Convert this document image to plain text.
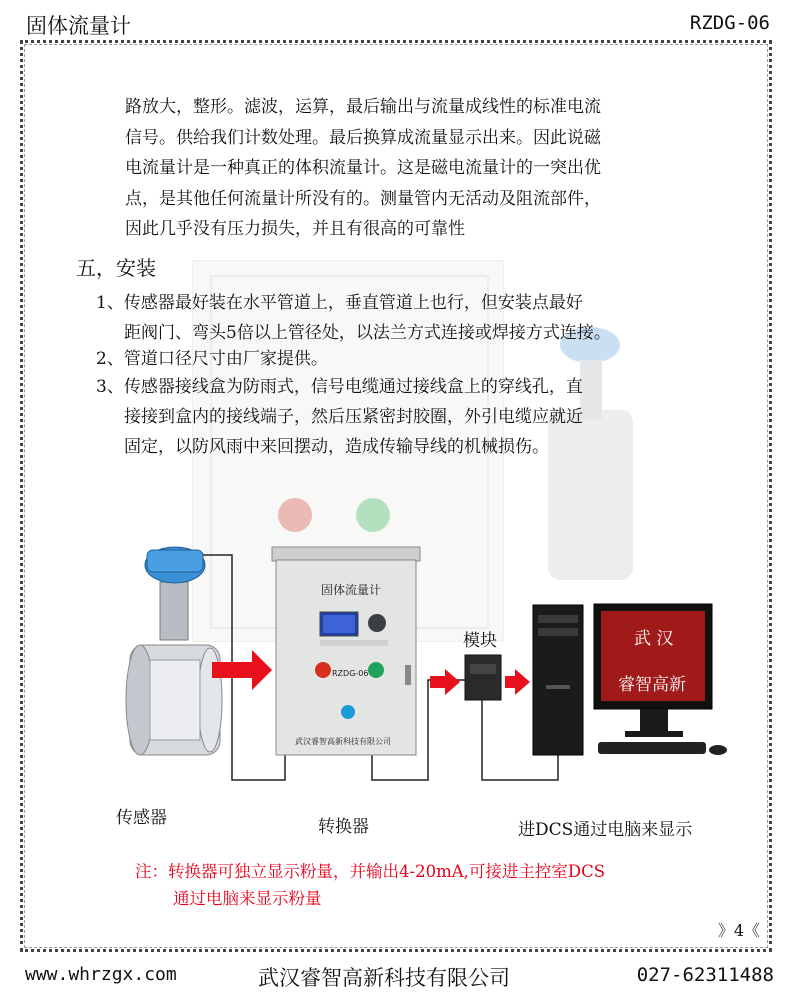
固体流量计	RZDG-06

路放大，整形。滤波，运算，最后输出与流量成线性的标准电流

信号。供给我们计数处理。最后换算成流量显示出来。因此说磁

电流量计是一种真正的体积流量计。这是磁电流量计的一突出优

点，是其他任何流量计所没有的。测量管内无活动及阻流部件，

因此几乎没有压力损失，并且有很高的可靠性

五，安装
1、传感器最好装在水平管道上，垂直管道上也行，但安装点最好
距阀门、弯头5倍以上管径处，以法兰方式连接或焊接方式连接。
2、管道口径尺寸由厂家提供。
3、传感器接线盒为防雨式，信号电缆通过接线盒上的穿线孔，直
接接到盒内的接线端子，然后压紧密封胶圈，外引电缆应就近
固定，以防风雨中来回摆动，造成传输导线的机械损伤。
固体流量计
RZDG-06
武汉睿智高新科技有限公司
武 汉
睿智高新
模块
传感器	转换器	进DCS通过电脑来显示
注：转换器可独立显示粉量，并输出4-20mA,可接进主控室DCS
通过电脑来显示粉量
》4《
www.whrzgx.com	武汉睿智高新科技有限公司	027-62311488
